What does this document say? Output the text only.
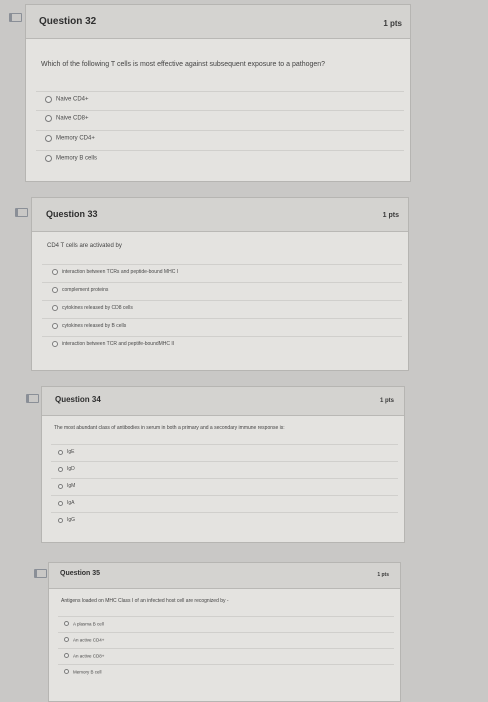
Question 32	1 pts
Which of the following T cells is most effective against subsequent exposure to a pathogen?
Naive CD4+
Naive CD8+
Memory CD4+
Memory B cells
Question 33	1 pts
CD4 T cells are activated by
interaction between TCRs and peptide-bound MHC I
complement proteins
cytokines released by CD8 cells
cytokines released by B cells
interaction between TCR and peptife-boundMHC II
Question 34	1 pts
The most abundant class of antibodies in serum in both a primary and a secondary immune response is:
IgE
IgD
IgM
IgA
IgG
Question 35	1 pts
Antigens loaded on MHC Class I of an infected host cell are recognized by -
A plasma B cell
An active CD4+
An active CD8+
Memory B cell
